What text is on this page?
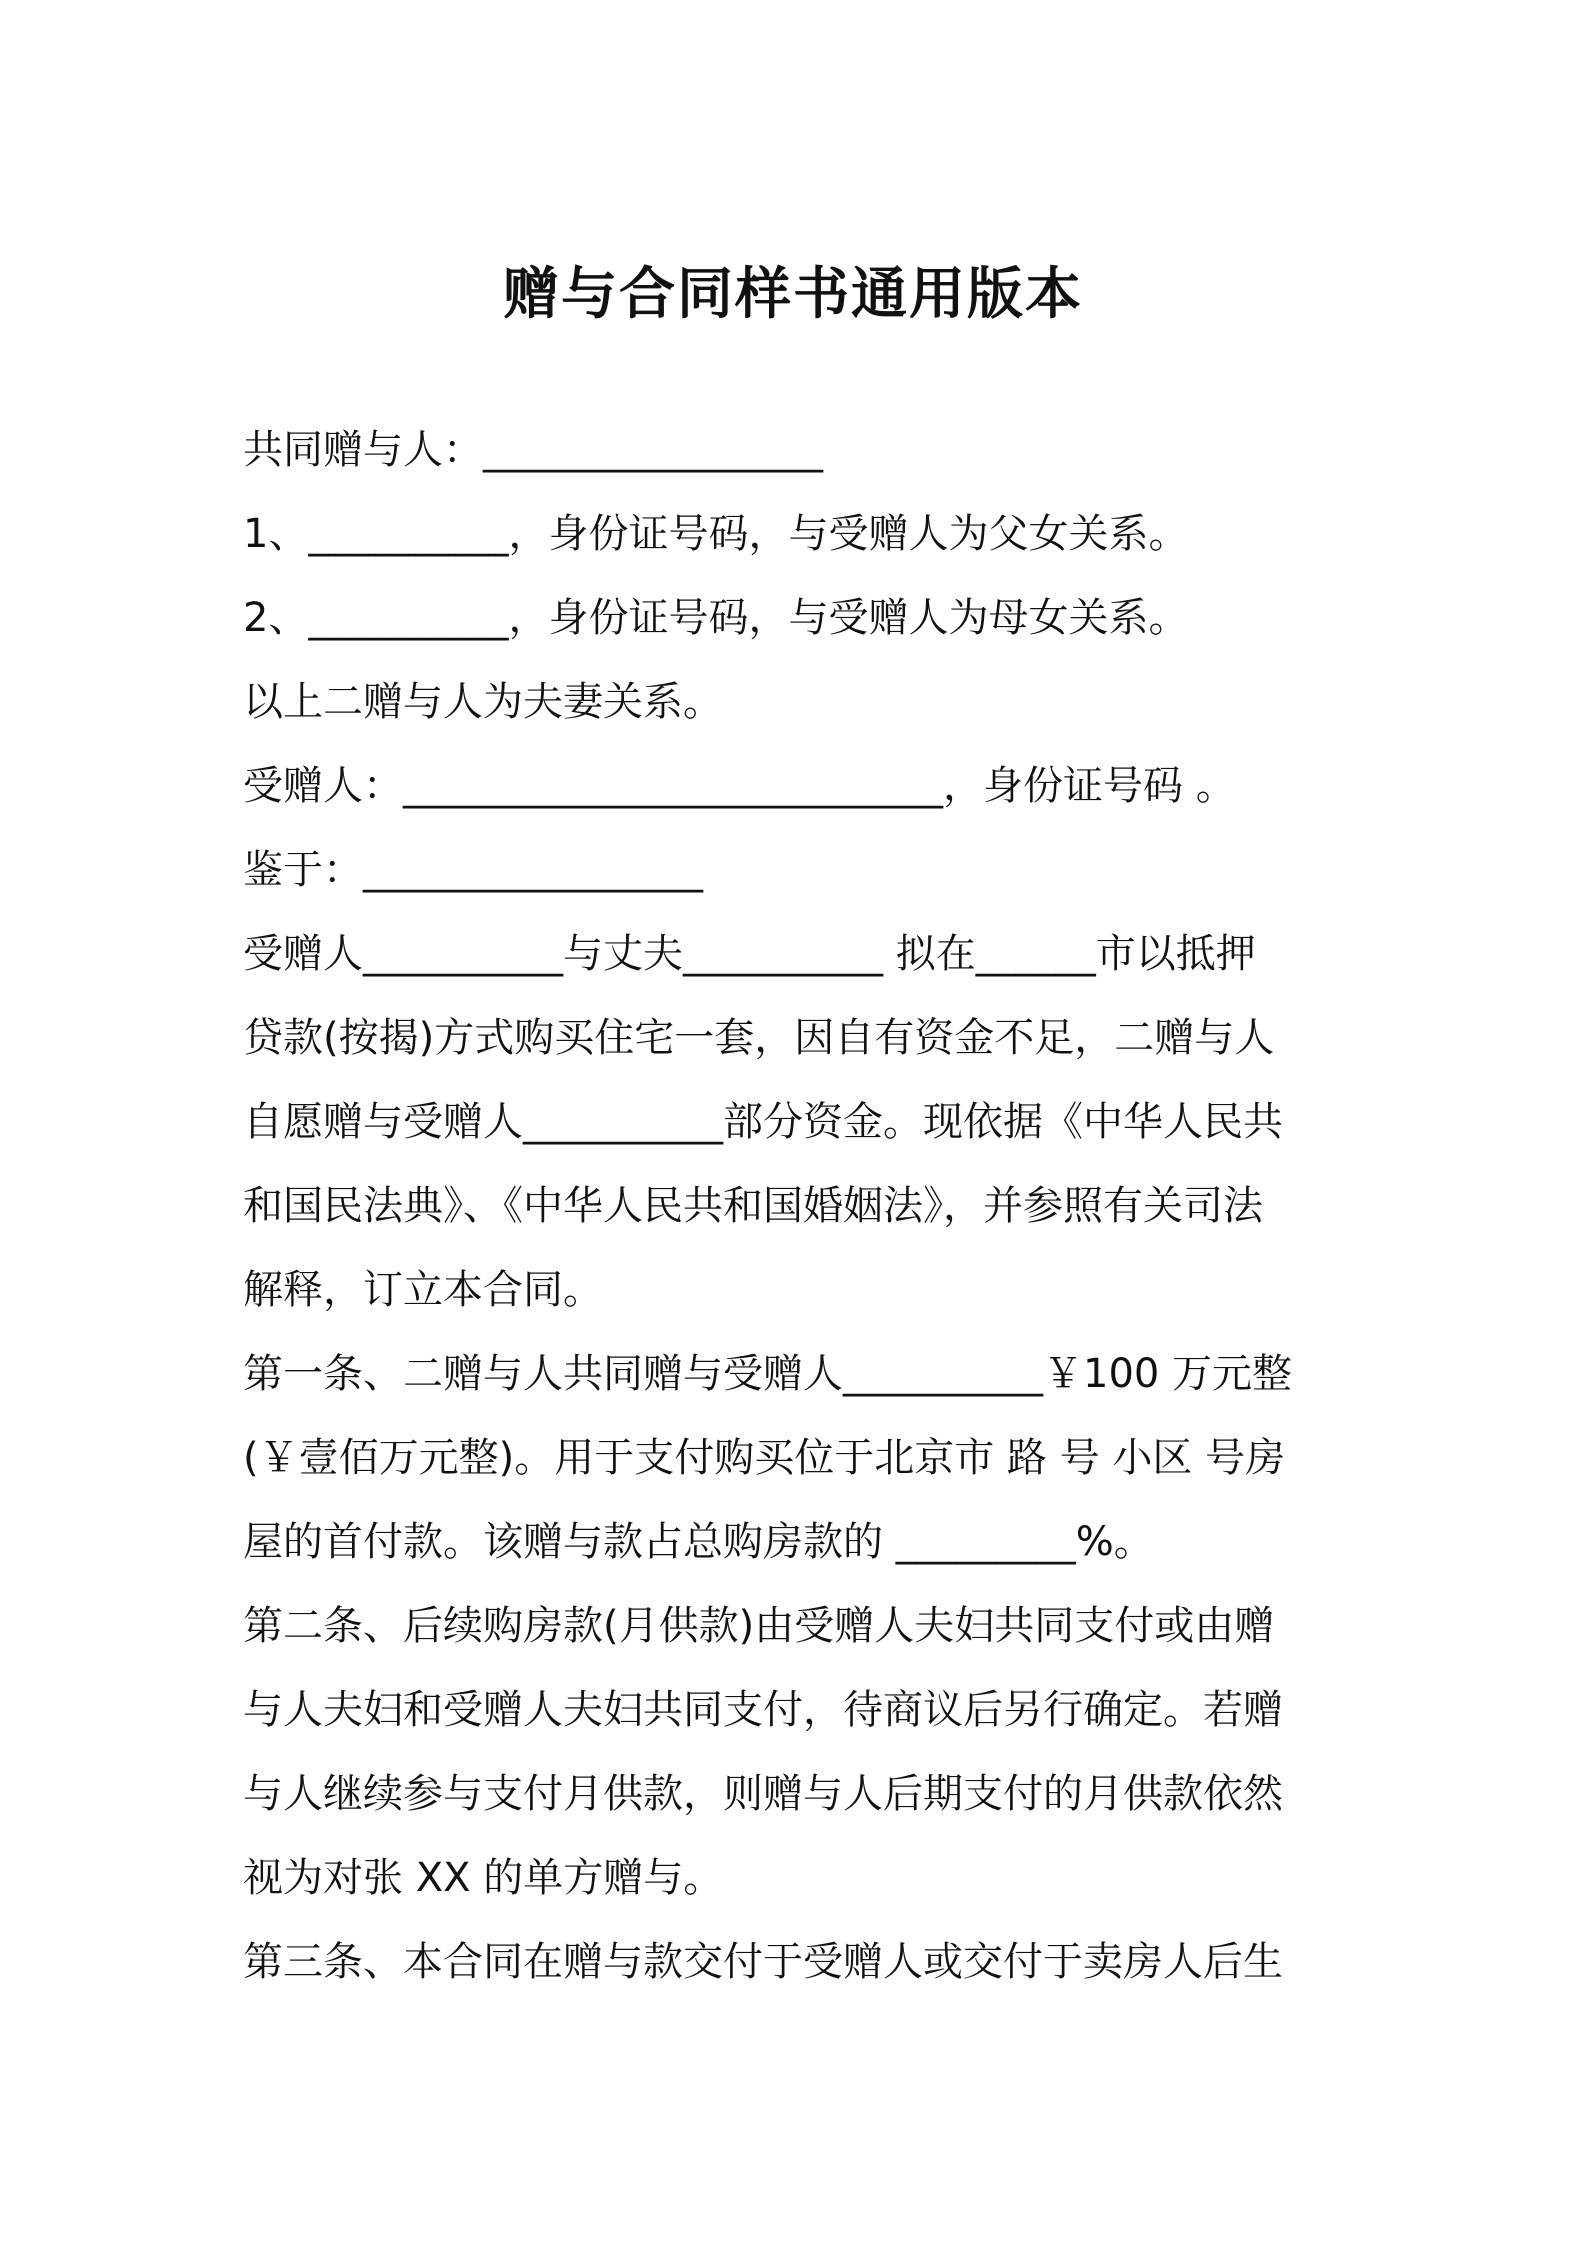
赠与合同样书通用版本
共同赠与人：_________________
1、__________，身份证号码，与受赠人为父女关系。
2、__________，身份证号码，与受赠人为母女关系。
以上二赠与人为夫妻关系。
受赠人：___________________________，身份证号码 。
鉴于：_________________
受赠人__________与丈夫__________ 拟在______市以抵押
贷款(按揭)方式购买住宅一套，因自有资金不足，二赠与人
自愿赠与受赠人__________部分资金。现依据《中华人民共
和国民法典》、《中华人民共和国婚姻法》，并参照有关司法
解释，订立本合同。
第一条、二赠与人共同赠与受赠人__________￥100 万元整
(￥壹佰万元整)。用于支付购买位于北京市 路 号 小区 号房
屋的首付款。该赠与款占总购房款的 _________%。
第二条、后续购房款(月供款)由受赠人夫妇共同支付或由赠
与人夫妇和受赠人夫妇共同支付，待商议后另行确定。若赠
与人继续参与支付月供款，则赠与人后期支付的月供款依然
视为对张 XX 的单方赠与。
第三条、本合同在赠与款交付于受赠人或交付于卖房人后生
